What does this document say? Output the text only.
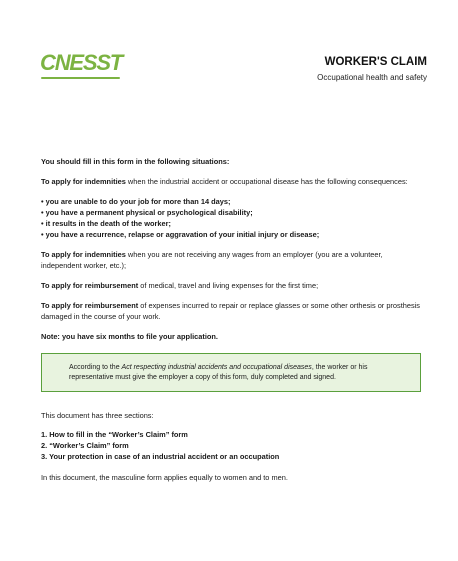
CNESST	WORKER'S CLAIM
Occupational health and safety

You should fill in this form in the following situations:

To apply for indemnities when the industrial accident or occupational disease has the following consequences:

• you are unable to do your job for more than 14 days;
• you have a permanent physical or psychological disability;
• it results in the death of the worker;
• you have a recurrence, relapse or aggravation of your initial injury or disease;

To apply for indemnities when you are not receiving any wages from an employer (you are a volunteer, independent worker, etc.);

To apply for reimbursement of medical, travel and living expenses for the first time;

To apply for reimbursement of expenses incurred to repair or replace glasses or some other orthesis or prosthesis damaged in the course of your work.

Note: you have six months to file your application.

According to the Act respecting industrial accidents and occupational diseases, the worker or his representative must give the employer a copy of this form, duly completed and signed.

This document has three sections:

1. How to fill in the “Worker’s Claim” form
2. “Worker’s Claim” form
3. Your protection in case of an industrial accident or an occupation

In this document, the masculine form applies equally to women and to men.
